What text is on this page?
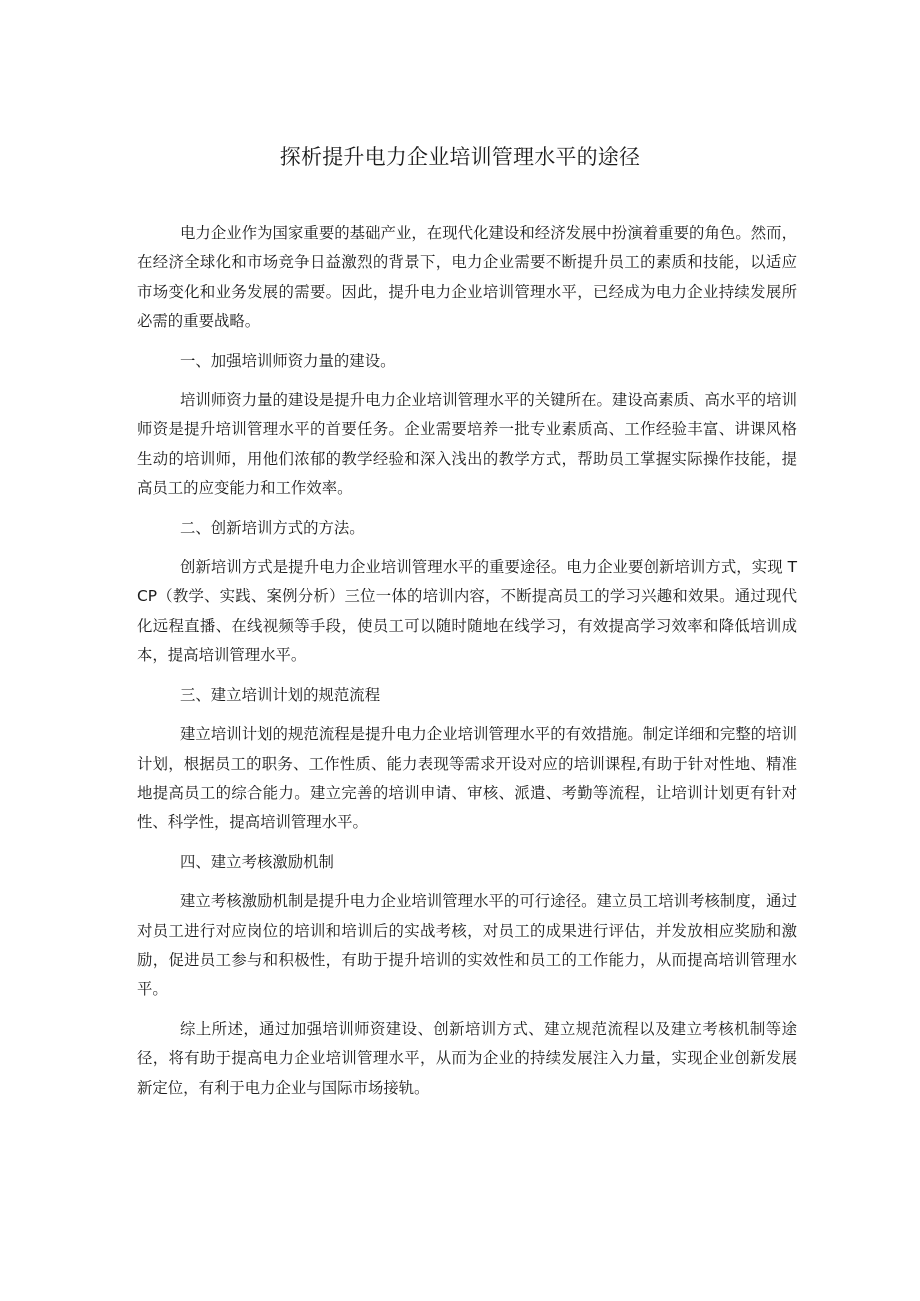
探析提升电力企业培训管理水平的途径

电力企业作为国家重要的基础产业，在现代化建设和经济发展中扮演着重要的角色。然而，在经济全球化和市场竞争日益激烈的背景下，电力企业需要不断提升员工的素质和技能，以适应市场变化和业务发展的需要。因此，提升电力企业培训管理水平，已经成为电力企业持续发展所必需的重要战略。

一、加强培训师资力量的建设。

培训师资力量的建设是提升电力企业培训管理水平的关键所在。建设高素质、高水平的培训师资是提升培训管理水平的首要任务。企业需要培养一批专业素质高、工作经验丰富、讲课风格生动的培训师，用他们浓郁的教学经验和深入浅出的教学方式，帮助员工掌握实际操作技能，提高员工的应变能力和工作效率。

二、创新培训方式的方法。

创新培训方式是提升电力企业培训管理水平的重要途径。电力企业要创新培训方式，实现 TCP（教学、实践、案例分析）三位一体的培训内容，不断提高员工的学习兴趣和效果。通过现代化远程直播、在线视频等手段，使员工可以随时随地在线学习，有效提高学习效率和降低培训成本，提高培训管理水平。

三、建立培训计划的规范流程

建立培训计划的规范流程是提升电力企业培训管理水平的有效措施。制定详细和完整的培训计划，根据员工的职务、工作性质、能力表现等需求开设对应的培训课程,有助于针对性地、精准地提高员工的综合能力。建立完善的培训申请、审核、派遣、考勤等流程，让培训计划更有针对性、科学性，提高培训管理水平。

四、建立考核激励机制

建立考核激励机制是提升电力企业培训管理水平的可行途径。建立员工培训考核制度，通过对员工进行对应岗位的培训和培训后的实战考核，对员工的成果进行评估，并发放相应奖励和激励，促进员工参与和积极性，有助于提升培训的实效性和员工的工作能力，从而提高培训管理水平。

综上所述，通过加强培训师资建设、创新培训方式、建立规范流程以及建立考核机制等途径，将有助于提高电力企业培训管理水平，从而为企业的持续发展注入力量，实现企业创新发展新定位，有利于电力企业与国际市场接轨。
